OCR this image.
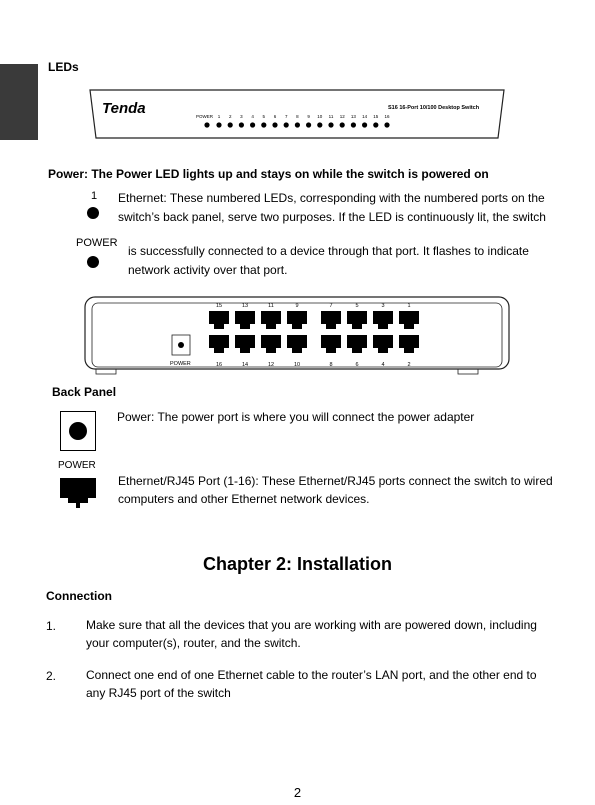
LEDs
Tenda	S16 16-Port 10/100 Desktop Switch
POWER 1 2 3 4 5 6 7 8 9 10 11 12 13 14 15 16
Power: The Power LED lights up and stays on while the switch is powered on
1 Ethernet: These numbered LEDs, corresponding with the numbered ports on the
switch’s back panel, serve two purposes. If the LED is continuously lit, the switch
POWER
is successfully connected to a device through that port. It flashes to indicate
network activity over that port.
POWER
15	13	11	9	7	5	3	1
16	14	12	10	8	6	4	2
Back Panel
POWER
Power: The power port is where you will connect the power adapter
Ethernet/RJ45 Port (1-16): These Ethernet/RJ45 ports connect the switch to wired
computers and other Ethernet network devices.
Chapter 2: Installation
Connection
1. Make sure that all the devices that you are working with are powered down, including
your computer(s), router, and the switch.
2. Connect one end of one Ethernet cable to the router’s LAN port, and the other end to
any RJ45 port of the switch
2
